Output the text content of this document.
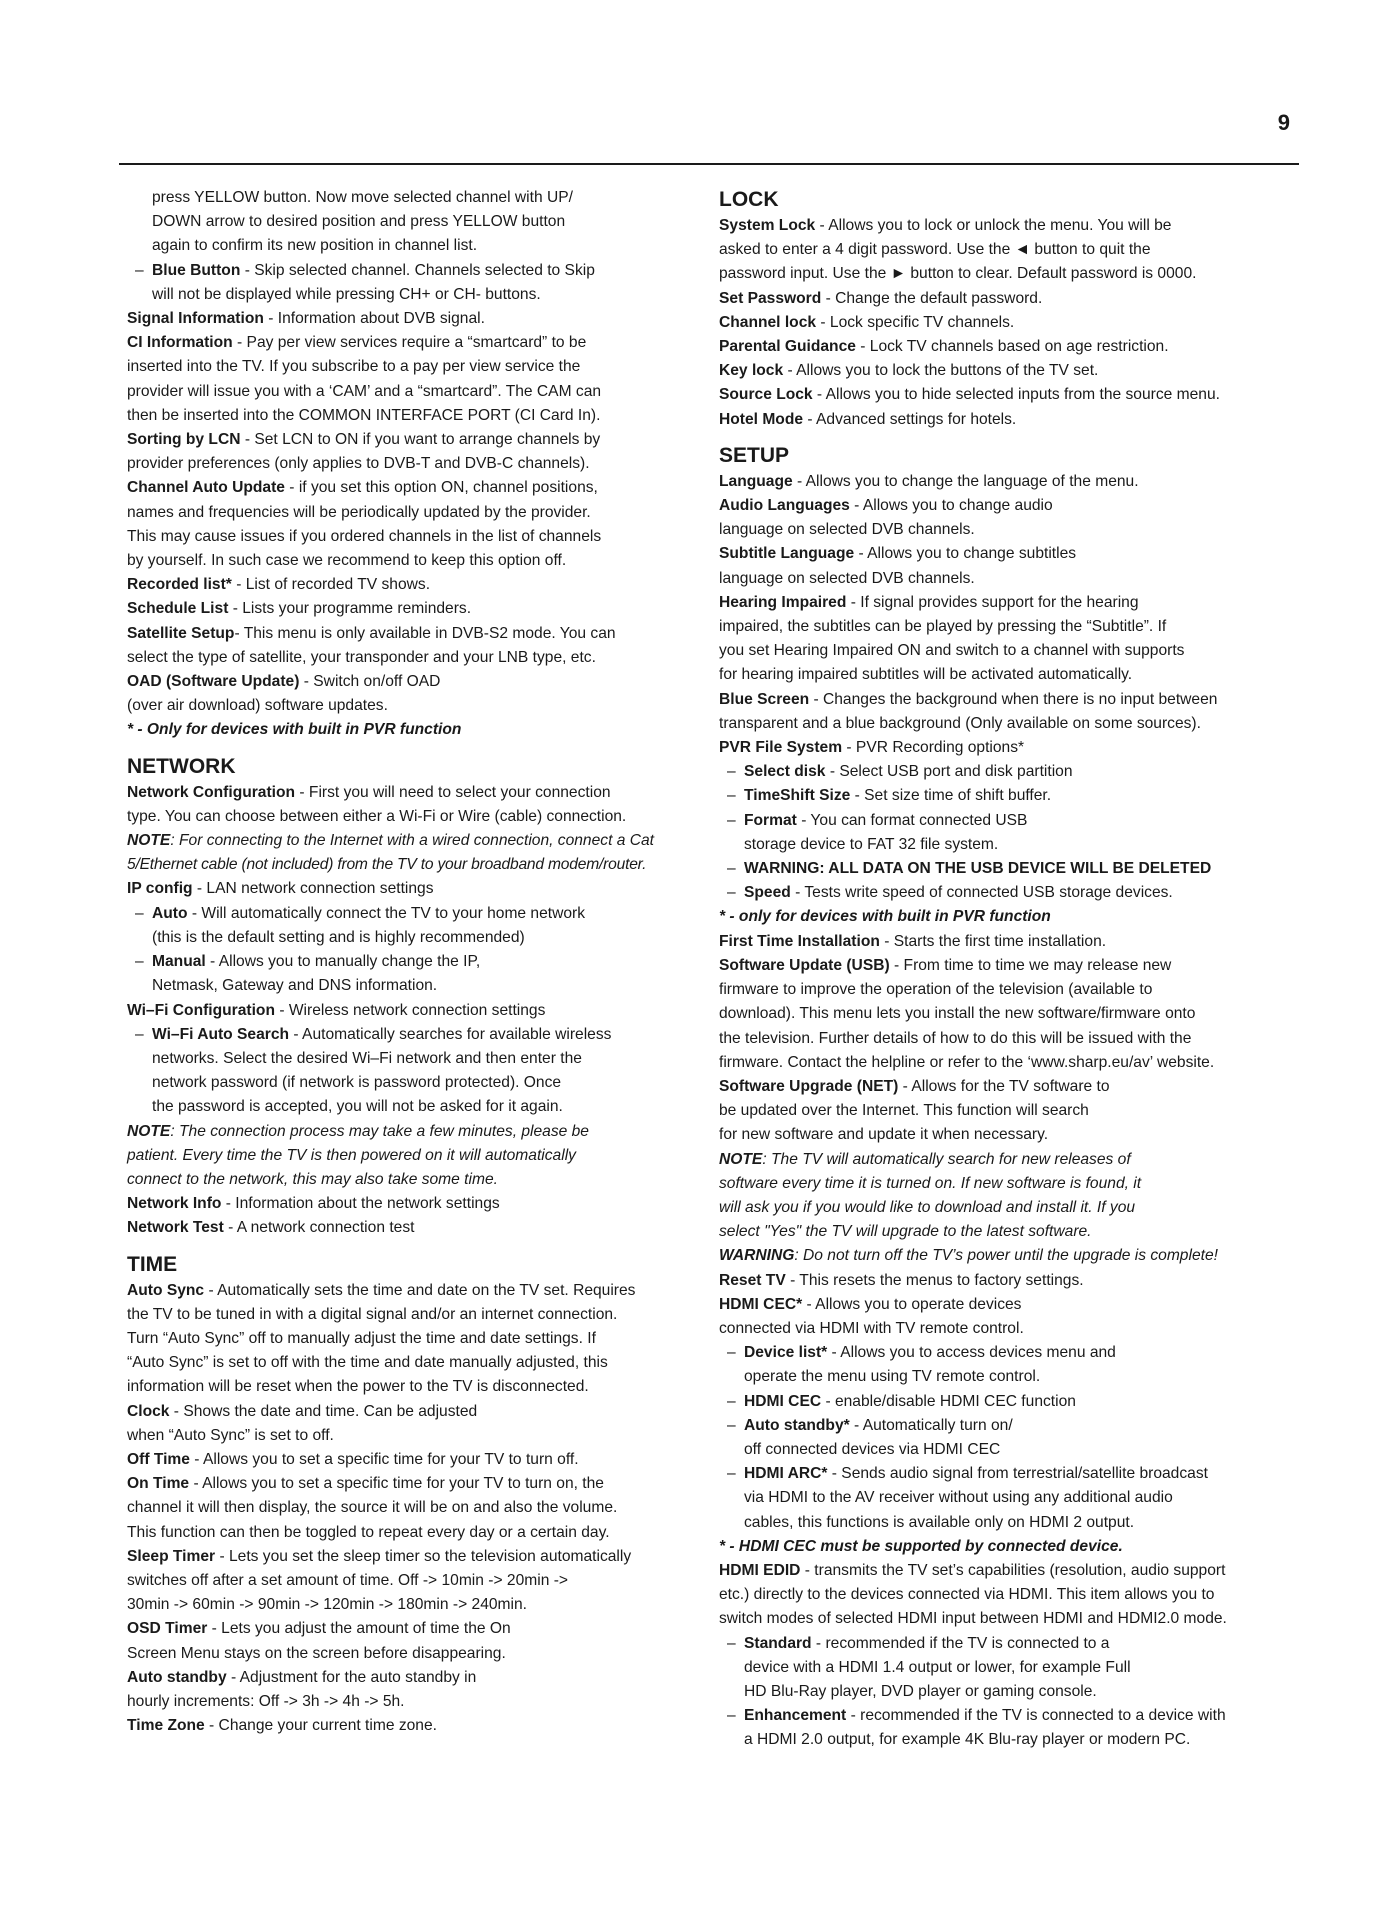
9

press YELLOW button. Now move selected channel with UP/

DOWN arrow to desired position and press YELLOW button

again to confirm its new position in channel list.

– Blue Button - Skip selected channel. Channels selected to Skip

will not be displayed while pressing CH+ or CH- buttons.

Signal Information - Information about DVB signal.

CI Information - Pay per view services require a “smartcard” to be

inserted into the TV. If you subscribe to a pay per view service the

provider will issue you with a ‘CAM’ and a “smartcard”. The CAM can

then be inserted into the COMMON INTERFACE PORT (CI Card In).

Sorting by LCN - Set LCN to ON if you want to arrange channels by

provider preferences (only applies to DVB-T and DVB-C channels).

Channel Auto Update - if you set this option ON, channel positions,

names and frequencies will be periodically updated by the provider.

This may cause issues if you ordered channels in the list of channels

by yourself. In such case we recommend to keep this option off.

Recorded list* - List of recorded TV shows.

Schedule List - Lists your programme reminders.

Satellite Setup- This menu is only available in DVB-S2 mode. You can

select the type of satellite, your transponder and your LNB type, etc.

OAD (Software Update) - Switch on/off OAD

(over air download) software updates.

* - Only for devices with built in PVR function

NETWORK

Network Configuration - First you will need to select your connection

type. You can choose between either a Wi-Fi or Wire (cable) connection.

NOTE: For connecting to the Internet with a wired connection, connect a Cat

5/Ethernet cable (not included) from the TV to your broadband modem/router.

IP config - LAN network connection settings

– Auto - Will automatically connect the TV to your home network

(this is the default setting and is highly recommended)

– Manual - Allows you to manually change the IP,

Netmask, Gateway and DNS information.

Wi–Fi Configuration - Wireless network connection settings

– Wi–Fi Auto Search - Automatically searches for available wireless

networks. Select the desired Wi–Fi network and then enter the

network password (if network is password protected). Once

the password is accepted, you will not be asked for it again.

NOTE: The connection process may take a few minutes, please be

patient. Every time the TV is then powered on it will automatically

connect to the network, this may also take some time.

Network Info - Information about the network settings

Network Test - A network connection test

TIME

Auto Sync - Automatically sets the time and date on the TV set. Requires

the TV to be tuned in with a digital signal and/or an internet connection.

Turn “Auto Sync” off to manually adjust the time and date settings. If

“Auto Sync” is set to off with the time and date manually adjusted, this

information will be reset when the power to the TV is disconnected.

Clock - Shows the date and time. Can be adjusted

when “Auto Sync” is set to off.

Off Time - Allows you to set a specific time for your TV to turn off.

On Time - Allows you to set a specific time for your TV to turn on, the

channel it will then display, the source it will be on and also the volume.

This function can then be toggled to repeat every day or a certain day.

Sleep Timer - Lets you set the sleep timer so the television automatically

switches off after a set amount of time. Off -> 10min -> 20min ->

30min -> 60min -> 90min -> 120min -> 180min -> 240min.

OSD Timer - Lets you adjust the amount of time the On

Screen Menu stays on the screen before disappearing.

Auto standby - Adjustment for the auto standby in

hourly increments: Off -> 3h -> 4h -> 5h.

Time Zone - Change your current time zone.

LOCK

System Lock - Allows you to lock or unlock the menu. You will be

asked to enter a 4 digit password. Use the ◄ button to quit the

password input. Use the ► button to clear. Default password is 0000.

Set Password - Change the default password.

Channel lock - Lock specific TV channels.

Parental Guidance - Lock TV channels based on age restriction.

Key lock - Allows you to lock the buttons of the TV set.

Source Lock - Allows you to hide selected inputs from the source menu.

Hotel Mode - Advanced settings for hotels.

SETUP

Language - Allows you to change the language of the menu.

Audio Languages - Allows you to change audio

language on selected DVB channels.

Subtitle Language - Allows you to change subtitles

language on selected DVB channels.

Hearing Impaired - If signal provides support for the hearing

impaired, the subtitles can be played by pressing the “Subtitle”. If

you set Hearing Impaired ON and switch to a channel with supports

for hearing impaired subtitles will be activated automatically.

Blue Screen - Changes the background when there is no input between

transparent and a blue background (Only available on some sources).

PVR File System - PVR Recording options*

– Select disk - Select USB port and disk partition

– TimeShift Size - Set size time of shift buffer.

– Format - You can format connected USB

storage device to FAT 32 file system.

– WARNING: ALL DATA ON THE USB DEVICE WILL BE DELETED

– Speed - Tests write speed of connected USB storage devices.

* - only for devices with built in PVR function

First Time Installation - Starts the first time installation.

Software Update (USB) - From time to time we may release new

firmware to improve the operation of the television (available to

download). This menu lets you install the new software/firmware onto

the television. Further details of how to do this will be issued with the

firmware. Contact the helpline or refer to the ‘www.sharp.eu/av’ website.

Software Upgrade (NET) - Allows for the TV software to

be updated over the Internet. This function will search

for new software and update it when necessary.

NOTE: The TV will automatically search for new releases of

software every time it is turned on. If new software is found, it

will ask you if you would like to download and install it. If you

select "Yes" the TV will upgrade to the latest software.

WARNING: Do not turn off the TV’s power until the upgrade is complete!

Reset TV - This resets the menus to factory settings.

HDMI CEC* - Allows you to operate devices

connected via HDMI with TV remote control.

– Device list* - Allows you to access devices menu and

operate the menu using TV remote control.

– HDMI CEC - enable/disable HDMI CEC function

– Auto standby* - Automatically turn on/

off connected devices via HDMI CEC

– HDMI ARC* - Sends audio signal from terrestrial/satellite broadcast

via HDMI to the AV receiver without using any additional audio

cables, this functions is available only on HDMI 2 output.

* - HDMI CEC must be supported by connected device.

HDMI EDID - transmits the TV set’s capabilities (resolution, audio support

etc.) directly to the devices connected via HDMI. This item allows you to

switch modes of selected HDMI input between HDMI and HDMI2.0 mode.

– Standard - recommended if the TV is connected to a

device with a HDMI 1.4 output or lower, for example Full

HD Blu-Ray player, DVD player or gaming console.

– Enhancement - recommended if the TV is connected to a device with

a HDMI 2.0 output, for example 4K Blu-ray player or modern PC.
